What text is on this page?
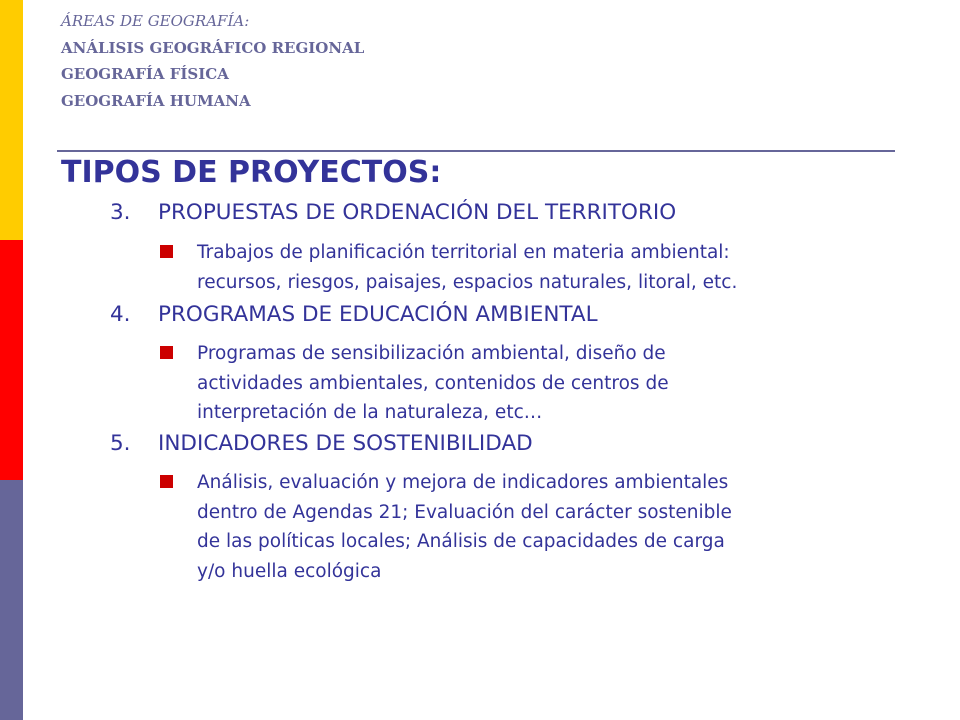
ÁREAS DE GEOGRAFÍA:
ANÁLISIS GEOGRÁFICO REGIONAL
GEOGRAFÍA FÍSICA
GEOGRAFÍA HUMANA
TIPOS DE PROYECTOS:
3. PROPUESTAS DE ORDENACIÓN DEL TERRITORIO
Trabajos de planificación territorial en materia ambiental:
recursos, riesgos, paisajes, espacios naturales, litoral, etc.
4. PROGRAMAS DE EDUCACIÓN AMBIENTAL
Programas de sensibilización ambiental, diseño de
actividades ambientales, contenidos de centros de
interpretación de la naturaleza, etc…
5. INDICADORES DE SOSTENIBILIDAD
Análisis, evaluación y mejora de indicadores ambientales
dentro de Agendas 21; Evaluación del carácter sostenible
de las políticas locales; Análisis de capacidades de carga
y/o huella ecológica
